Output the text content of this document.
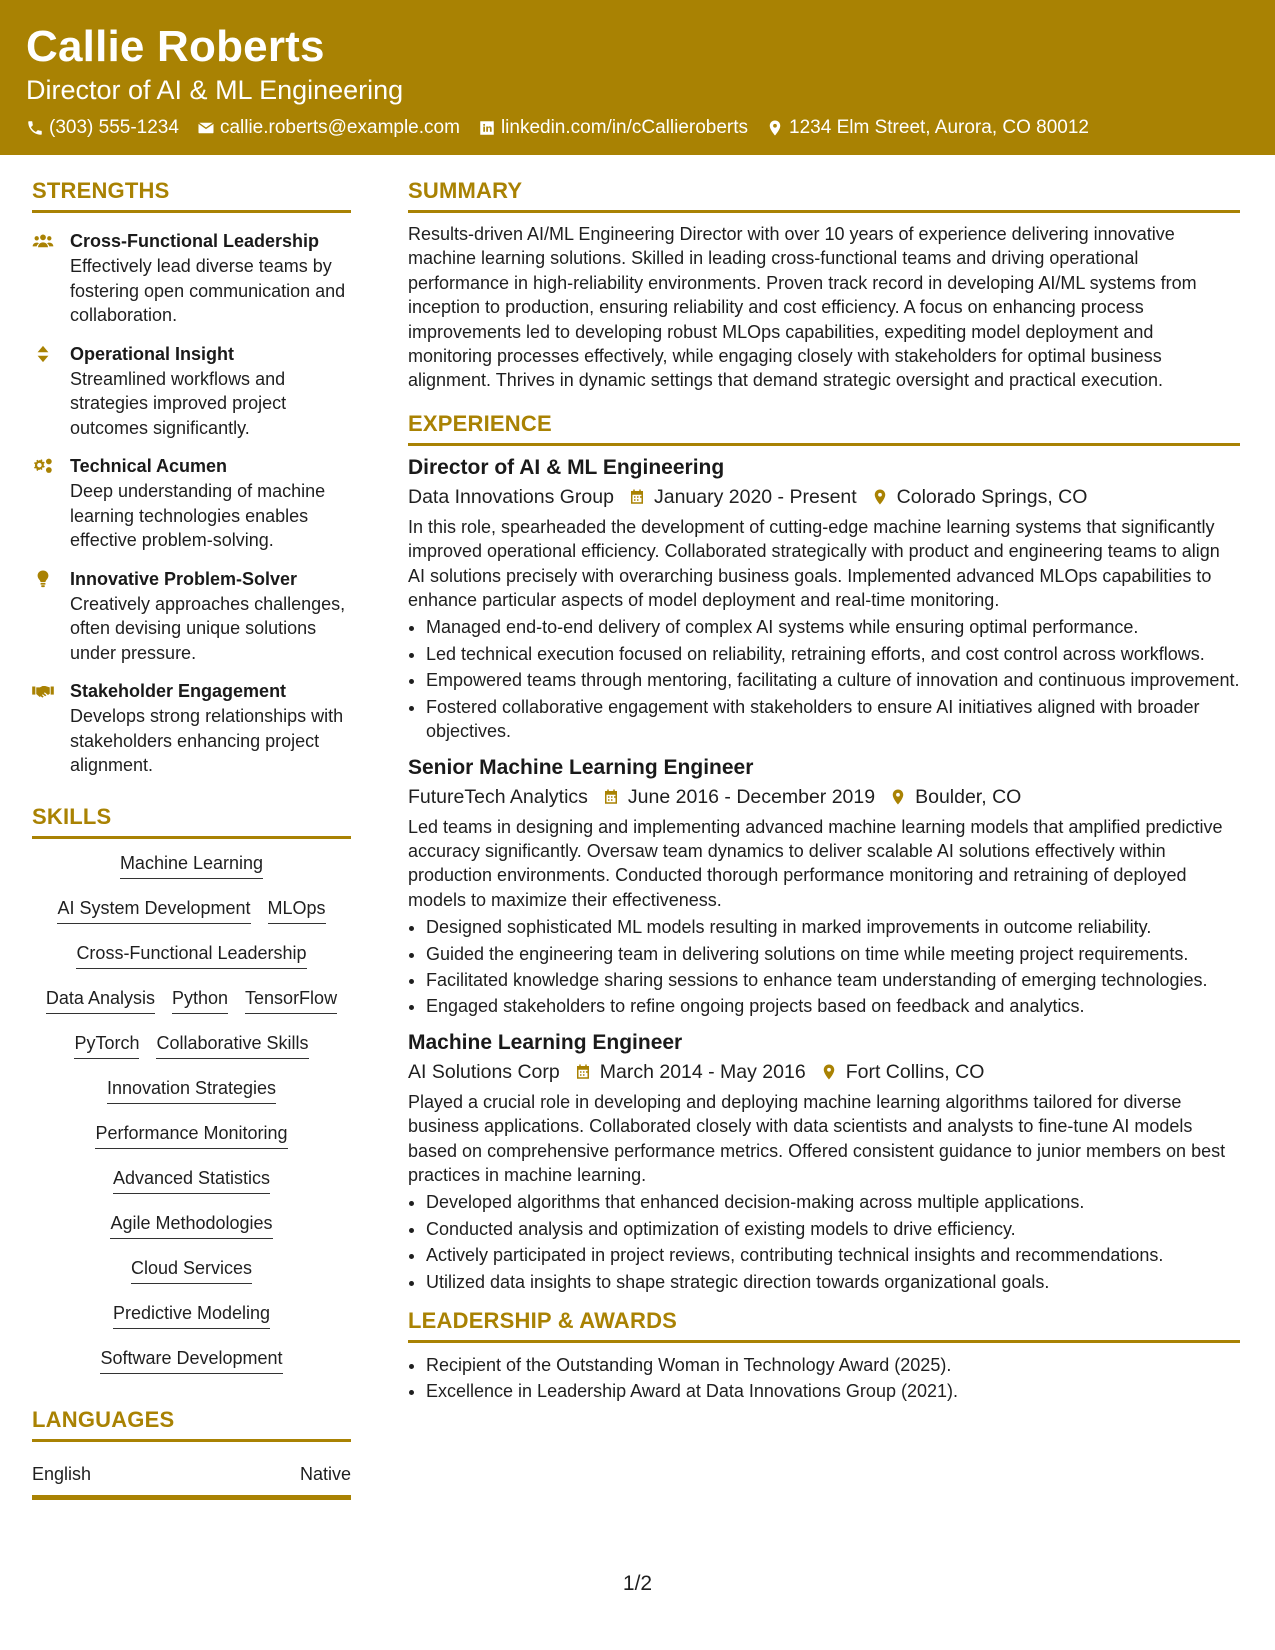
Callie Roberts
Director of AI & ML Engineering
(303) 555-1234 callie.roberts@example.com linkedin.com/in/cCallieroberts 1234 Elm Street, Aurora, CO 80012
STRENGTHS
Cross-Functional Leadership
Effectively lead diverse teams by fostering open communication and collaboration.
Operational Insight
Streamlined workflows and strategies improved project outcomes significantly.
Technical Acumen
Deep understanding of machine learning technologies enables effective problem-solving.
Innovative Problem-Solver
Creatively approaches challenges, often devising unique solutions under pressure.
Stakeholder Engagement
Develops strong relationships with stakeholders enhancing project alignment.
SKILLS
Machine Learning
AI System Development MLOps
Cross-Functional Leadership
Data Analysis Python TensorFlow
PyTorch Collaborative Skills
Innovation Strategies
Performance Monitoring
Advanced Statistics
Agile Methodologies
Cloud Services
Predictive Modeling
Software Development
LANGUAGES
English	Native
SUMMARY
Results-driven AI/ML Engineering Director with over 10 years of experience delivering innovative machine learning solutions. Skilled in leading cross-functional teams and driving operational performance in high-reliability environments. Proven track record in developing AI/ML systems from inception to production, ensuring reliability and cost efficiency. A focus on enhancing process improvements led to developing robust MLOps capabilities, expediting model deployment and monitoring processes effectively, while engaging closely with stakeholders for optimal business alignment. Thrives in dynamic settings that demand strategic oversight and practical execution.
EXPERIENCE
Director of AI & ML Engineering
Data Innovations Group January 2020 - Present Colorado Springs, CO
In this role, spearheaded the development of cutting-edge machine learning systems that significantly improved operational efficiency. Collaborated strategically with product and engineering teams to align AI solutions precisely with overarching business goals. Implemented advanced MLOps capabilities to enhance particular aspects of model deployment and real-time monitoring.
• Managed end-to-end delivery of complex AI systems while ensuring optimal performance.
• Led technical execution focused on reliability, retraining efforts, and cost control across workflows.
• Empowered teams through mentoring, facilitating a culture of innovation and continuous improvement.
• Fostered collaborative engagement with stakeholders to ensure AI initiatives aligned with broader objectives.
Senior Machine Learning Engineer
FutureTech Analytics June 2016 - December 2019 Boulder, CO
Led teams in designing and implementing advanced machine learning models that amplified predictive accuracy significantly. Oversaw team dynamics to deliver scalable AI solutions effectively within production environments. Conducted thorough performance monitoring and retraining of deployed models to maximize their effectiveness.
• Designed sophisticated ML models resulting in marked improvements in outcome reliability.
• Guided the engineering team in delivering solutions on time while meeting project requirements.
• Facilitated knowledge sharing sessions to enhance team understanding of emerging technologies.
• Engaged stakeholders to refine ongoing projects based on feedback and analytics.
Machine Learning Engineer
AI Solutions Corp March 2014 - May 2016 Fort Collins, CO
Played a crucial role in developing and deploying machine learning algorithms tailored for diverse business applications. Collaborated closely with data scientists and analysts to fine-tune AI models based on comprehensive performance metrics. Offered consistent guidance to junior members on best practices in machine learning.
• Developed algorithms that enhanced decision-making across multiple applications.
• Conducted analysis and optimization of existing models to drive efficiency.
• Actively participated in project reviews, contributing technical insights and recommendations.
• Utilized data insights to shape strategic direction towards organizational goals.
LEADERSHIP & AWARDS
• Recipient of the Outstanding Woman in Technology Award (2025).
• Excellence in Leadership Award at Data Innovations Group (2021).
1/2
